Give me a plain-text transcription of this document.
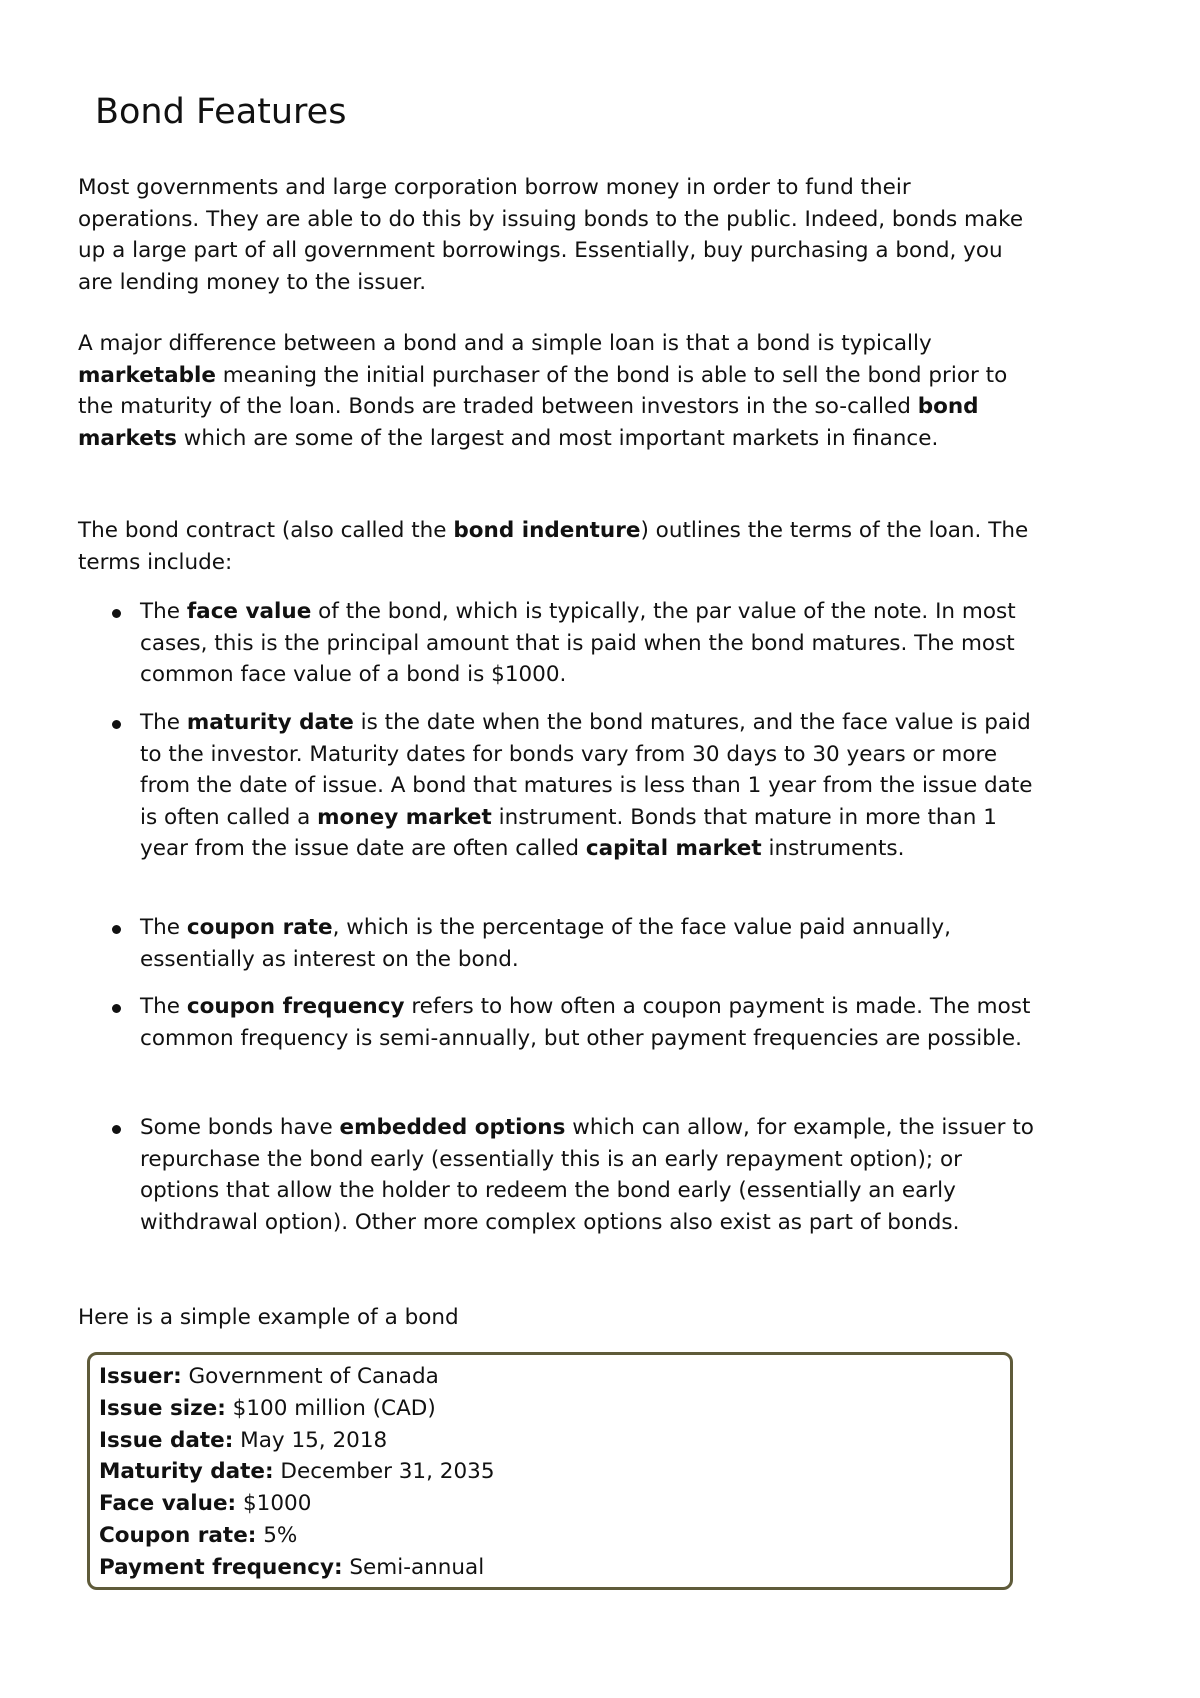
Bond Features

Most governments and large corporation borrow money in order to fund their operations. They are able to do this by issuing bonds to the public. Indeed, bonds make up a large part of all government borrowings. Essentially, buy purchasing a bond, you are lending money to the issuer.

A major difference between a bond and a simple loan is that a bond is typically marketable meaning the initial purchaser of the bond is able to sell the bond prior to the maturity of the loan. Bonds are traded between investors in the so-called bond markets which are some of the largest and most important markets in finance.

The bond contract (also called the bond indenture) outlines the terms of the loan. The terms include:

The face value of the bond, which is typically, the par value of the note. In most cases, this is the principal amount that is paid when the bond matures. The most common face value of a bond is $1000.
The maturity date is the date when the bond matures, and the face value is paid to the investor. Maturity dates for bonds vary from 30 days to 30 years or more from the date of issue. A bond that matures is less than 1 year from the issue date is often called a money market instrument. Bonds that mature in more than 1 year from the issue date are often called capital market instruments.
The coupon rate, which is the percentage of the face value paid annually, essentially as interest on the bond.
The coupon frequency refers to how often a coupon payment is made. The most common frequency is semi-annually, but other payment frequencies are possible.
Some bonds have embedded options which can allow, for example, the issuer to repurchase the bond early (essentially this is an early repayment option); or options that allow the holder to redeem the bond early (essentially an early withdrawal option). Other more complex options also exist as part of bonds.

Here is a simple example of a bond

Issuer: Government of Canada
Issue size: $100 million (CAD)
Issue date: May 15, 2018
Maturity date: December 31, 2035
Face value: $1000
Coupon rate: 5%
Payment frequency: Semi-annual
